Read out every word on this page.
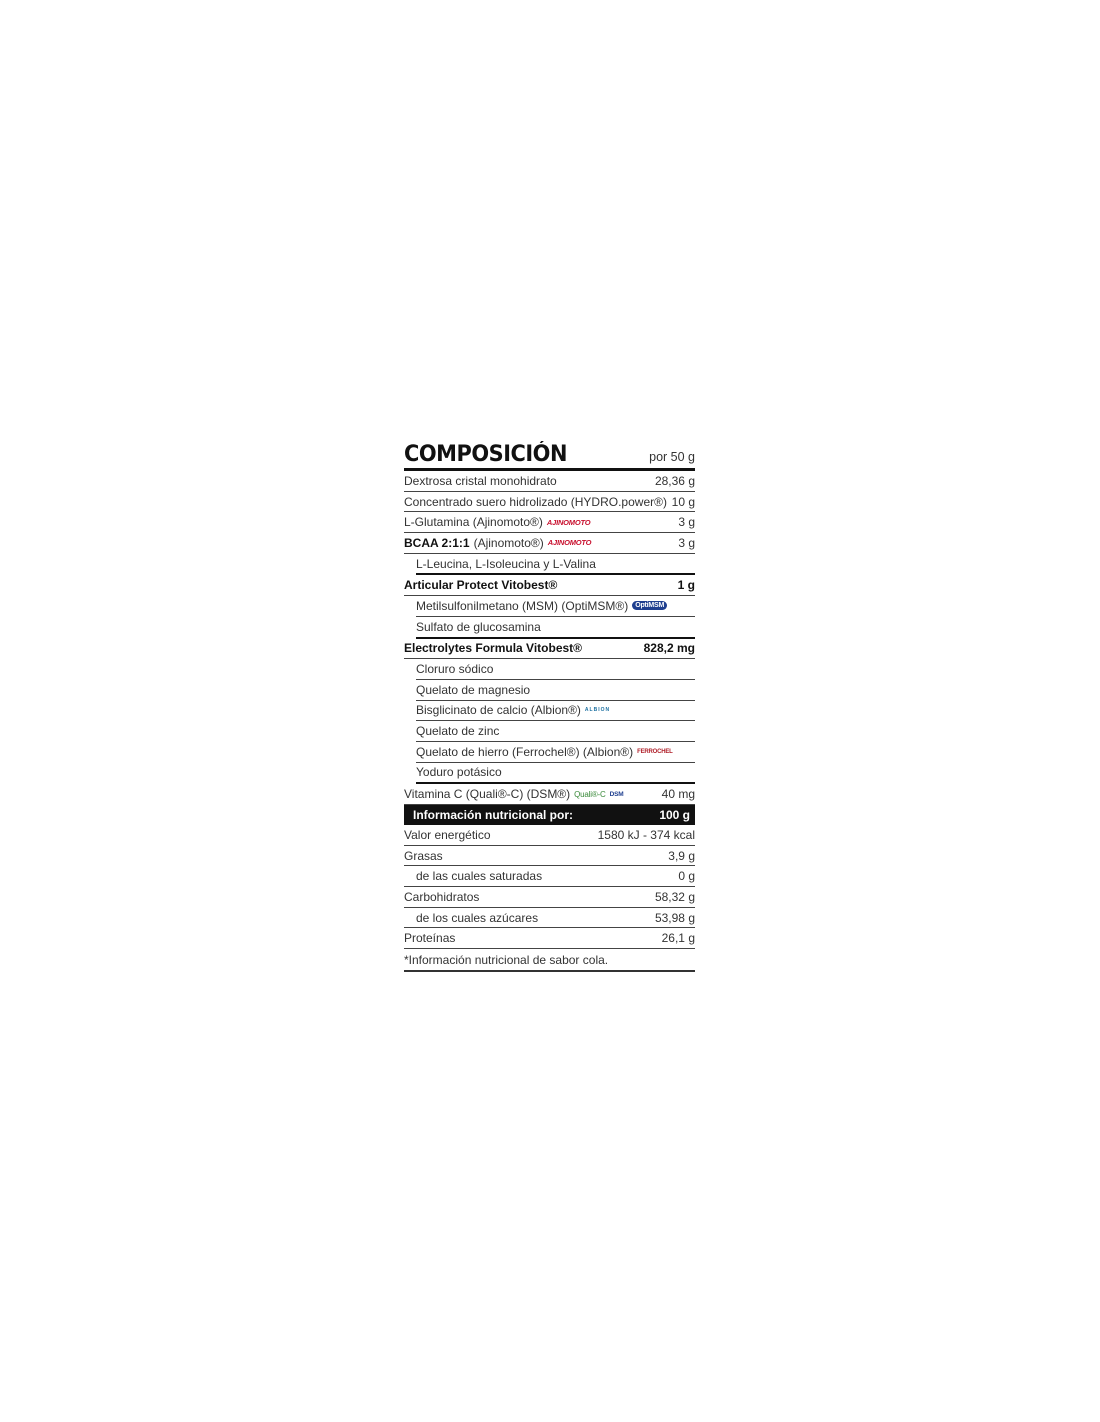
COMPOSICIÓN	por 50 g
Dextrosa cristal monohidrato	28,36 g
Concentrado suero hidrolizado (HYDRO.power®) 10 g
L-Glutamina (Ajinomoto®) AJINOMOTO	3 g
BCAA 2:1:1 (Ajinomoto®) AJINOMOTO	3 g
L-Leucina, L-Isoleucina y L-Valina
Articular Protect Vitobest®	1 g
Metilsulfonilmetano (MSM) (OptiMSM®)	OptiMSM
Sulfato de glucosamina
Electrolytes Formula Vitobest®	828,2 mg
Cloruro sódico
Quelato de magnesio
Bisglicinato de calcio (Albion®) ALBION
Quelato de zinc
Quelato de hierro (Ferrochel®) (Albion®) FERROCHEL
Yoduro potásico
Vitamina C (Quali®-C) (DSM®) Quali®-C DSM	40 mg
Información nutricional por:	100 g
Valor energético	1580 kJ - 374 kcal
Grasas	3,9 g
de las cuales saturadas	0 g
Carbohidratos	58,32 g
de los cuales azúcares	53,98 g
Proteínas	26,1 g
*Información nutricional de sabor cola.
